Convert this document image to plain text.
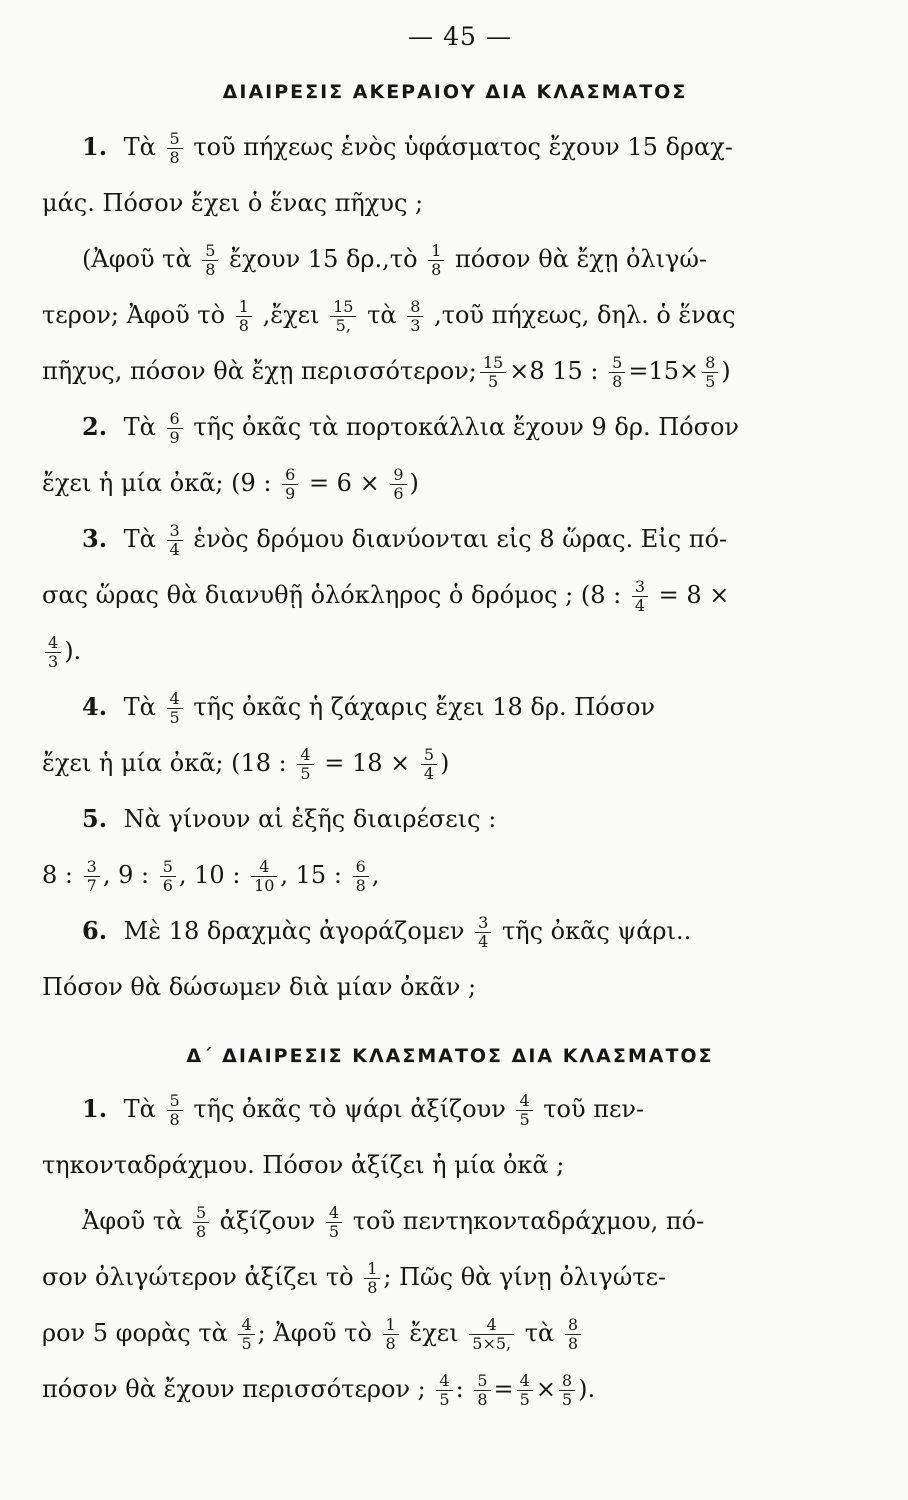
— 45 —
ΔΙΑΙΡΕΣΙΣ ΑΚΕΡΑΙΟΥ ΔΙΑ ΚΛΑΣΜΑΤΟΣ
1. Τὰ $\frac{5}{8}$ τοῦ πήχεως ἑνὸς ὑφάσματος ἔχουν 15 δραχ-
μάς. Πόσον ἔχει ὁ ἕνας πῆχυς ;
(Ἀφοῦ τὰ $\frac{5}{8}$ ἔχουν 15 δρ.,τὸ $\frac{1}{8}$ πόσον θὰ ἔχῃ ὀλιγώ-
τερον; Ἀφοῦ τὸ $\frac{1}{8}$ ,ἔχει $\frac{15}{5,}$ τὰ $\frac{8}{3}$ ,τοῦ πήχεως, δηλ. ὁ ἕνας
πῆχυς, πόσον θὰ ἔχῃ περισσότερον; $\frac{15}{5} \times 8$ 15 : $\frac{5}{8} =15\times \frac{8}{5}$ )
2. Τὰ $\frac{6}{9}$ τῆς ὀκᾶς τὰ πορτοκάλλια ἔχουν 9 δρ. Πόσον
ἔχει ἡ μία ὀκᾶ; (9 : $\frac{6}{9} = 6 \times \frac{9}{6}$ )
3. Τὰ $\frac{3}{4}$ ἑνὸς δρόμου διανύονται εἰς 8 ὥρας. Εἰς πό-
σας ὥρας θὰ διανυθῇ ὁλόκληρος ὁ δρόμος ; (8 : $\frac{3}{4} = 8$ ×

$\frac{4}{3}$ ).
4. Τὰ $\frac{4}{5}$ τῆς ὀκᾶς ἡ ζάχαρις ἔχει 18 δρ. Πόσον
ἔχει ἡ μία ὀκᾶ; (18 : $\frac{4}{5} = 18 \times \frac{5}{4}$ )
5. Νὰ γίνουν αἱ ἑξῆς διαιρέσεις :
8 : $\frac{3}{7}$ , 9 : $\frac{5}{6}$ , 10 : $\frac{4}{10}$ , 15 : $\frac{6}{8}$ ,
6. Μὲ 18 δραχμὰς ἀγοράζομεν $\frac{3}{4}$ τῆς ὀκᾶς ψάρι..
Πόσον θὰ δώσωμεν διὰ μίαν ὀκᾶν ;
Δ΄ ΔΙΑΙΡΕΣΙΣ ΚΛΑΣΜΑΤΟΣ ΔΙΑ ΚΛΑΣΜΑΤΟΣ
1. Τὰ $\frac{5}{8}$ τῆς ὀκᾶς τὸ ψάρι ἀξίζουν $\frac{4}{5}$ τοῦ πεν-
τηκονταδράχμου. Πόσον ἀξίζει ἡ μία ὀκᾶ ;
Ἀφοῦ τὰ $\frac{5}{8}$ ἀξίζουν $\frac{4}{5}$ τοῦ πεντηκονταδράχμου, πό-
σον ὀλιγώτερον ἀξίζει τὸ $\frac{1}{8}$ ; Πῶς θὰ γίνῃ ὀλιγώτε-
ρον 5 φορὰς τὰ $\frac{4}{5}$ ; Ἀφοῦ τὸ $\frac{1}{8}$ ἔχει $\frac{4}{5\times 5,}$ τὰ $\frac{8}{8}$

πόσον θὰ ἔχουν περισσότερον ; $\frac{4}{5}$ : $\frac{5}{8} = \frac{4}{5} \times \frac{8}{5}$ ).
